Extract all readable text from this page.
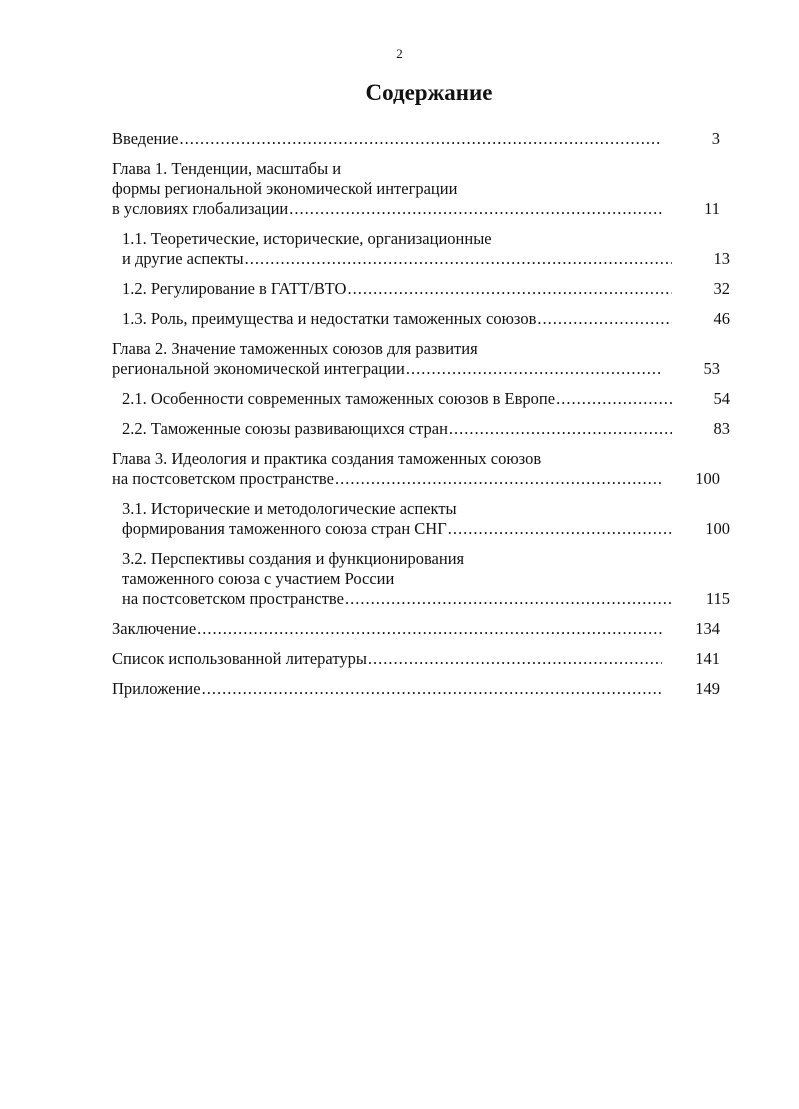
2
Содержание
Введение .....	3
Глава 1. Тенденции, масштабы и
формы региональной экономической интеграции
в условиях глобализации .....	11
1.1. Теоретические, исторические, организационные
и другие аспекты .....	13
1.2. Регулирование в ГАТТ/ВТО .....	32
1.3. Роль, преимущества и недостатки таможенных союзов .....	46
Глава 2. Значение таможенных союзов для развития
региональной экономической интеграции .....	53
2.1. Особенности современных таможенных союзов в Европе .....	54
2.2. Таможенные союзы развивающихся стран .....	83
Глава 3. Идеология и практика создания таможенных союзов
на постсоветском пространстве .....	100
3.1. Исторические и методологические аспекты
формирования таможенного союза стран СНГ .....	100
3.2. Перспективы создания и функционирования
таможенного союза с участием России
на постсоветском пространстве .....	115
Заключение .....	134
Список использованной литературы .....	141
Приложение .....	149
